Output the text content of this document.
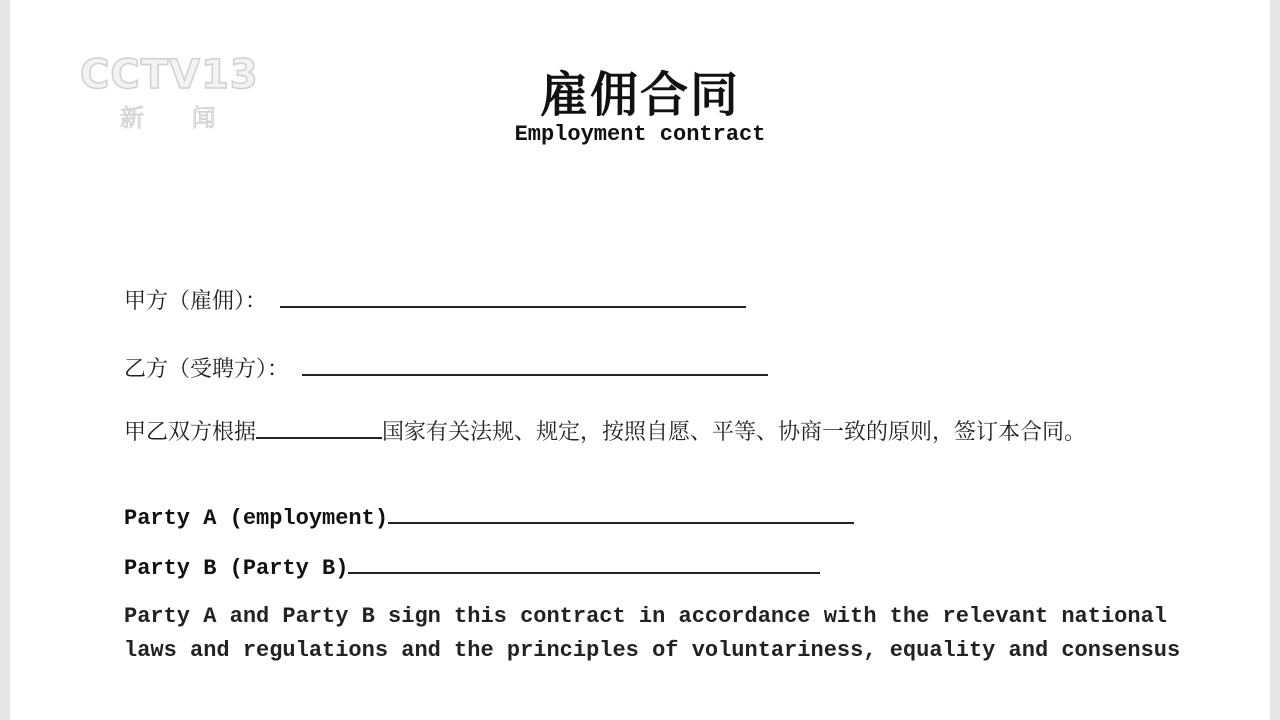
CCTV13
新 闻	雇佣合同
Employment contract
甲方（雇佣）：
乙方（受聘方）：
甲乙双方根据	国家有关法规、规定，按照自愿、平等、协商一致的原则，签订本合同。
Party A (employment)
Party B (Party B)
Party A and Party B sign this contract in accordance with the relevant national laws and regulations and the principles of voluntariness, equality and consensus
